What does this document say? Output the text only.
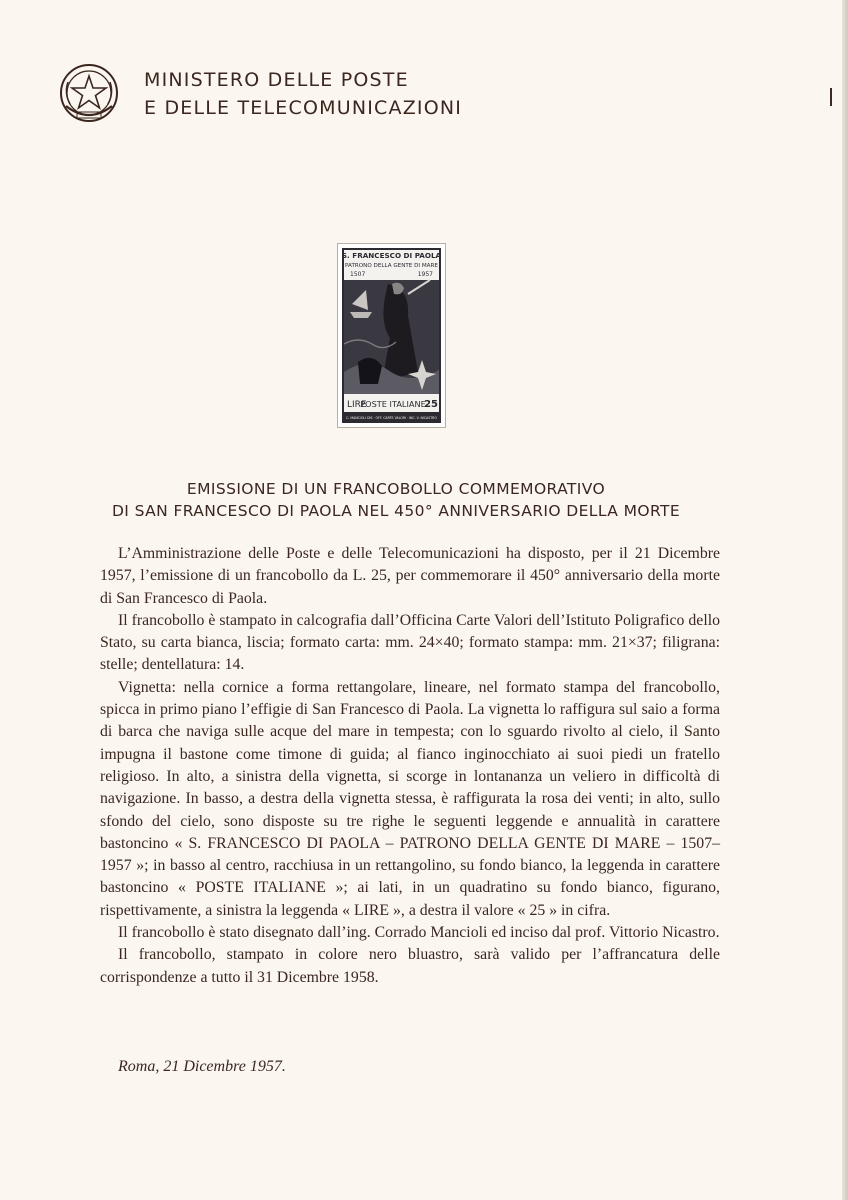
MINISTERO DELLE POSTE
E DELLE TELECOMUNICAZIONI
S. FRANCESCO DI PAOLA
PATRONO DELLA GENTE DI MARE
1507	1957
LIRE
POSTE ITALIANE
25
C. MANCIOLI DIS · OFF. CARTE VALORI · INC. V. NICASTRO
EMISSIONE DI UN FRANCOBOLLO COMMEMORATIVO
DI SAN FRANCESCO DI PAOLA NEL 450° ANNIVERSARIO DELLA MORTE

L’Amministrazione delle Poste e delle Telecomunicazioni ha disposto, per il 21 Dicembre 1957, l’emissione di un francobollo da L. 25, per commemorare il 450° anniversario della morte di San Francesco di Paola.

Il francobollo è stampato in calcografia dall’Officina Carte Valori dell’Istituto Poligrafico dello Stato, su carta bianca, liscia; formato carta: mm. 24×40; formato stampa: mm. 21×37; filigrana: stelle; dentellatura: 14.

Vignetta: nella cornice a forma rettangolare, lineare, nel formato stampa del francobollo, spicca in primo piano l’effigie di San Francesco di Paola. La vignetta lo raffigura sul saio a forma di barca che naviga sulle acque del mare in tempesta; con lo sguardo rivolto al cielo, il Santo impugna il bastone come timone di guida; al fianco inginocchiato ai suoi piedi un fratello religioso. In alto, a sinistra della vignetta, si scorge in lontananza un veliero in difficoltà di navigazione. In basso, a destra della vignetta stessa, è raffigurata la rosa dei venti; in alto, sullo sfondo del cielo, sono disposte su tre righe le seguenti leggende e annualità in carattere bastoncino « S. FRANCESCO DI PAOLA – PATRONO DELLA GENTE DI MARE – 1507–1957 »; in basso al centro, racchiusa in un rettangolino, su fondo bianco, la leggenda in carattere bastoncino « POSTE ITALIANE »; ai lati, in un quadratino su fondo bianco, figurano, rispettivamente, a sinistra la leggenda « LIRE », a destra il valore « 25 » in cifra.

Il francobollo è stato disegnato dall’ing. Corrado Mancioli ed inciso dal prof. Vittorio Nicastro.

Il francobollo, stampato in colore nero bluastro, sarà valido per l’affrancatura delle corrispondenze a tutto il 31 Dicembre 1958.

Roma, 21 Dicembre 1957.
